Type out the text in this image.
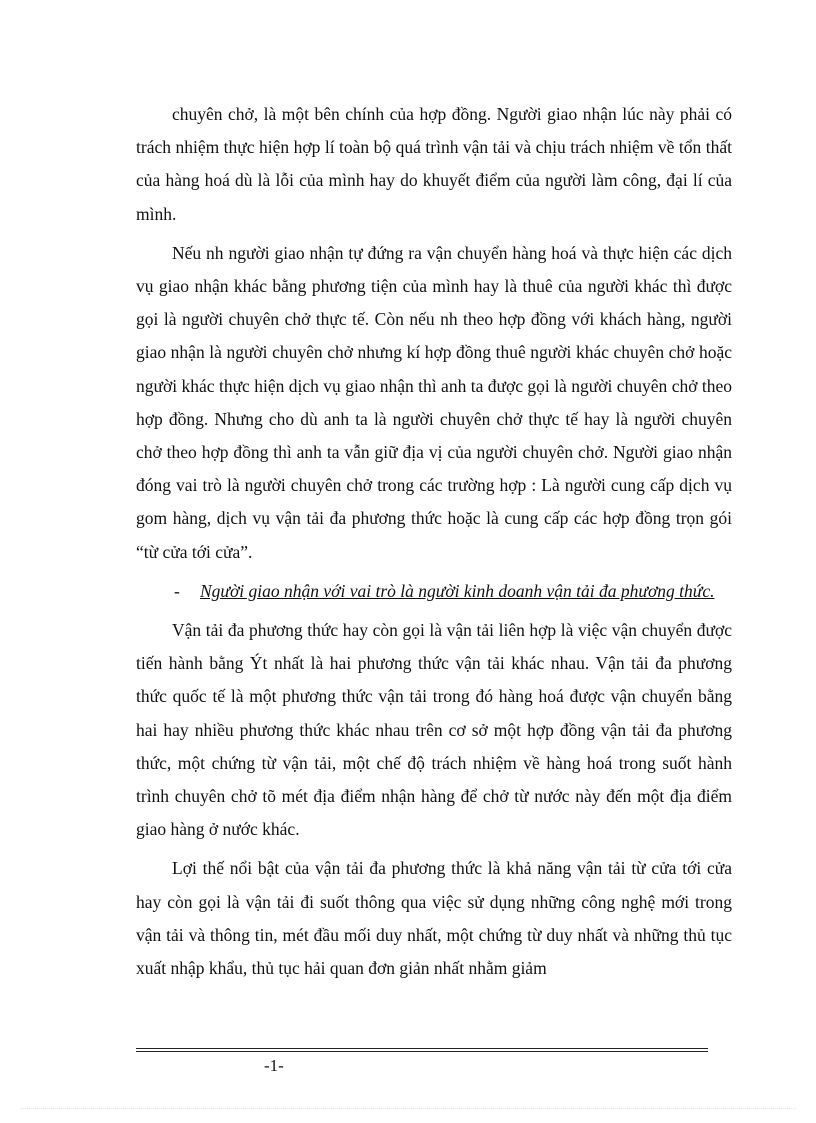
chuyên chở, là một bên chính của hợp đồng. Người giao nhận lúc này phải có trách nhiệm thực hiện hợp lí toàn bộ quá trình vận tải và chịu trách nhiệm về tổn thất của hàng hoá dù là lỗi của mình hay do khuyết điểm của người làm công, đại lí của mình.

Nếu nh người giao nhận tự đứng ra vận chuyển hàng hoá và thực hiện các dịch vụ giao nhận khác bằng phương tiện của mình hay là thuê của người khác thì được gọi là người chuyên chở thực tế. Còn nếu nh theo hợp đồng với khách hàng, người giao nhận là người chuyên chở nhưng kí hợp đồng thuê người khác chuyên chở hoặc người khác thực hiện dịch vụ giao nhận thì anh ta được gọi là người chuyên chở theo hợp đồng. Nhưng cho dù anh ta là người chuyên chở thực tế hay là người chuyên chở theo hợp đồng thì anh ta vẫn giữ địa vị của người chuyên chở. Người giao nhận đóng vai trò là người chuyên chở trong các trường hợp : Là người cung cấp dịch vụ gom hàng, dịch vụ vận tải đa phương thức hoặc là cung cấp các hợp đồng trọn gói “từ cửa tới cửa”.

- Người giao nhận với vai trò là người kinh doanh vận tải đa phương thức.

Vận tải đa phương thức hay còn gọi là vận tải liên hợp là việc vận chuyển được tiến hành bằng Ýt nhất là hai phương thức vận tải khác nhau. Vận tải đa phương thức quốc tế là một phương thức vận tải trong đó hàng hoá được vận chuyển bằng hai hay nhiều phương thức khác nhau trên cơ sở một hợp đồng vận tải đa phương thức, một chứng từ vận tải, một chế độ trách nhiệm về hàng hoá trong suốt hành trình chuyên chở tõ mét địa điểm nhận hàng để chở từ nước này đến một địa điểm giao hàng ở nước khác.

Lợi thế nổi bật của vận tải đa phương thức là khả năng vận tải từ cửa tới cửa hay còn gọi là vận tải đi suốt thông qua việc sử dụng những công nghệ mới trong vận tải và thông tin, mét đầu mối duy nhất, một chứng từ duy nhất và những thủ tục xuất nhập khẩu, thủ tục hải quan đơn giản nhất nhằm giảm

-1-
